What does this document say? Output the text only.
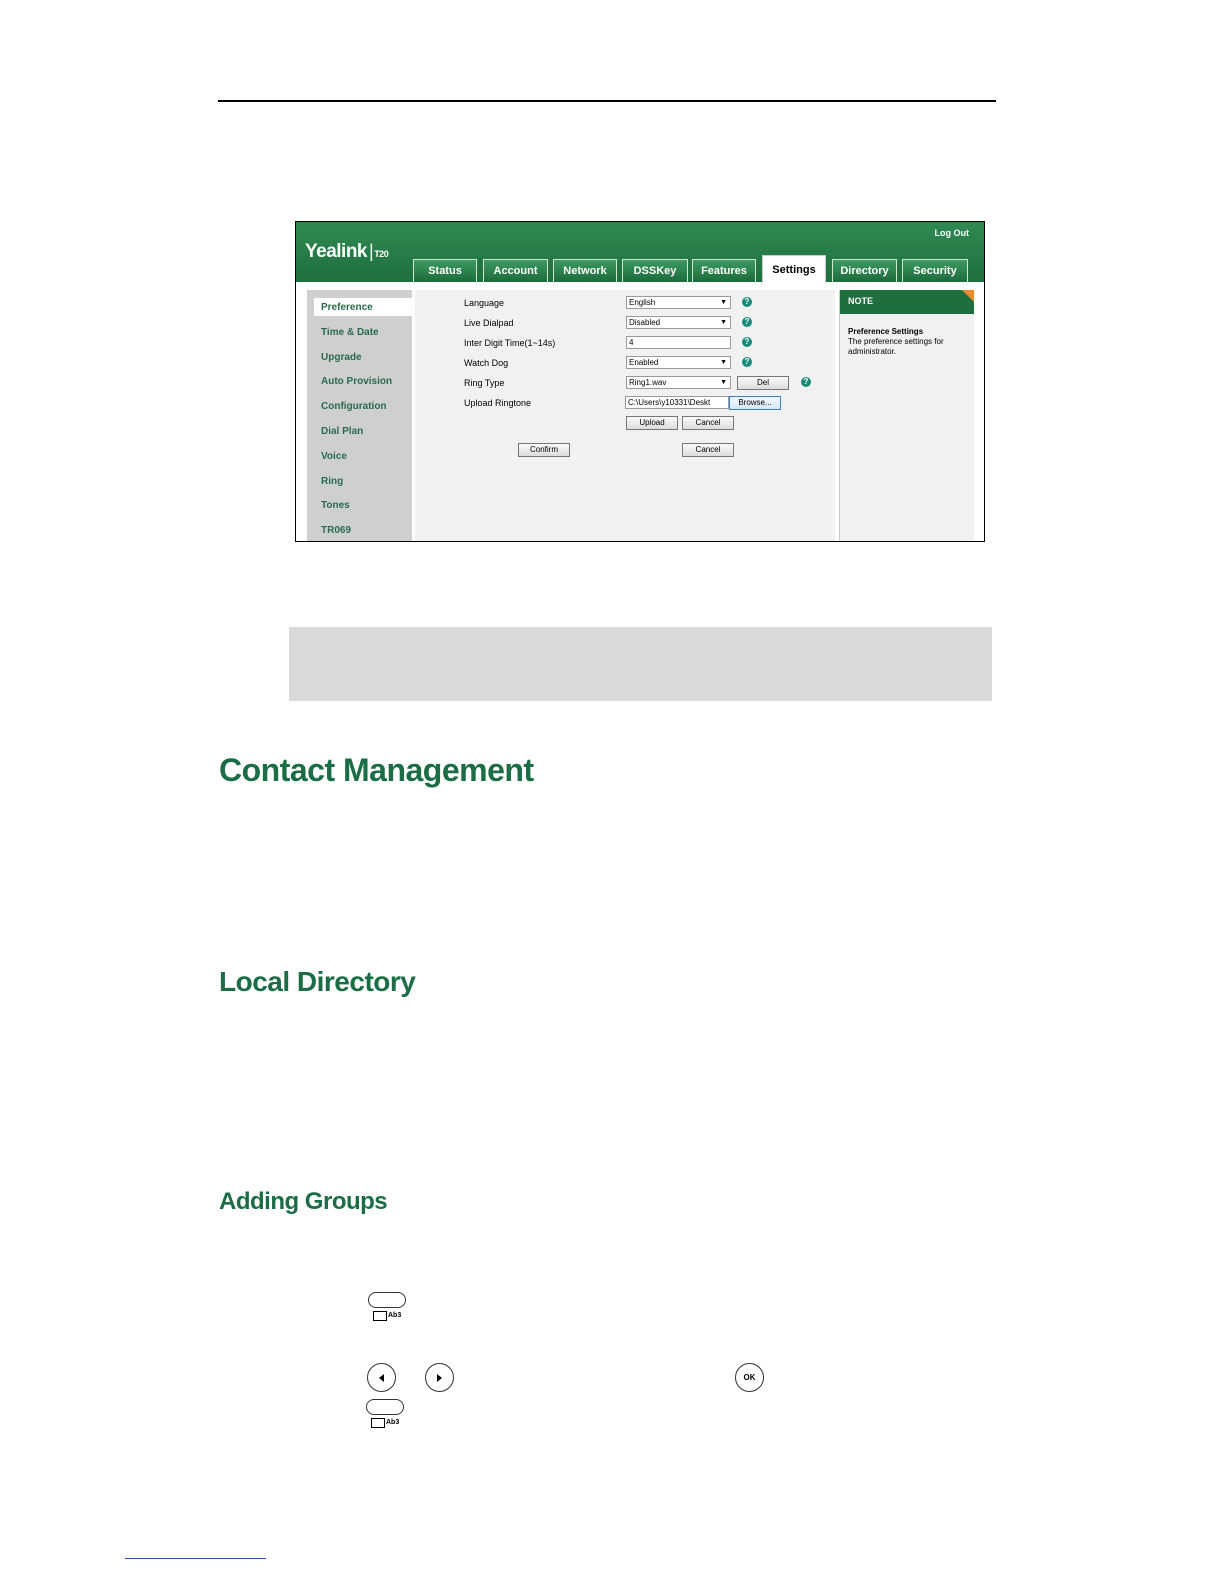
Log Out
Yealink |T20
Status	Account	Network	DSSKey	Features	Settings	Directory	Security
Preference
Time & Date
Upgrade
Auto Provision
Configuration
Dial Plan
Voice
Ring
Tones
TR069
Language	English	▼	?
Live Dialpad	Disabled	▼	?
Inter Digit Time(1~14s)	4	?
Watch Dog	Enabled	▼	?
Ring Type	Ring1.wav	▼	Del	?
Upload Ringtone	C:\Users\y10331\Deskt	Browse...
Upload	Cancel
Confirm	Cancel
NOTE
Preference Settings
The preference settings for administrator.
Contact Management
Local Directory
Adding Groups
Ab3
OK
Ab3
